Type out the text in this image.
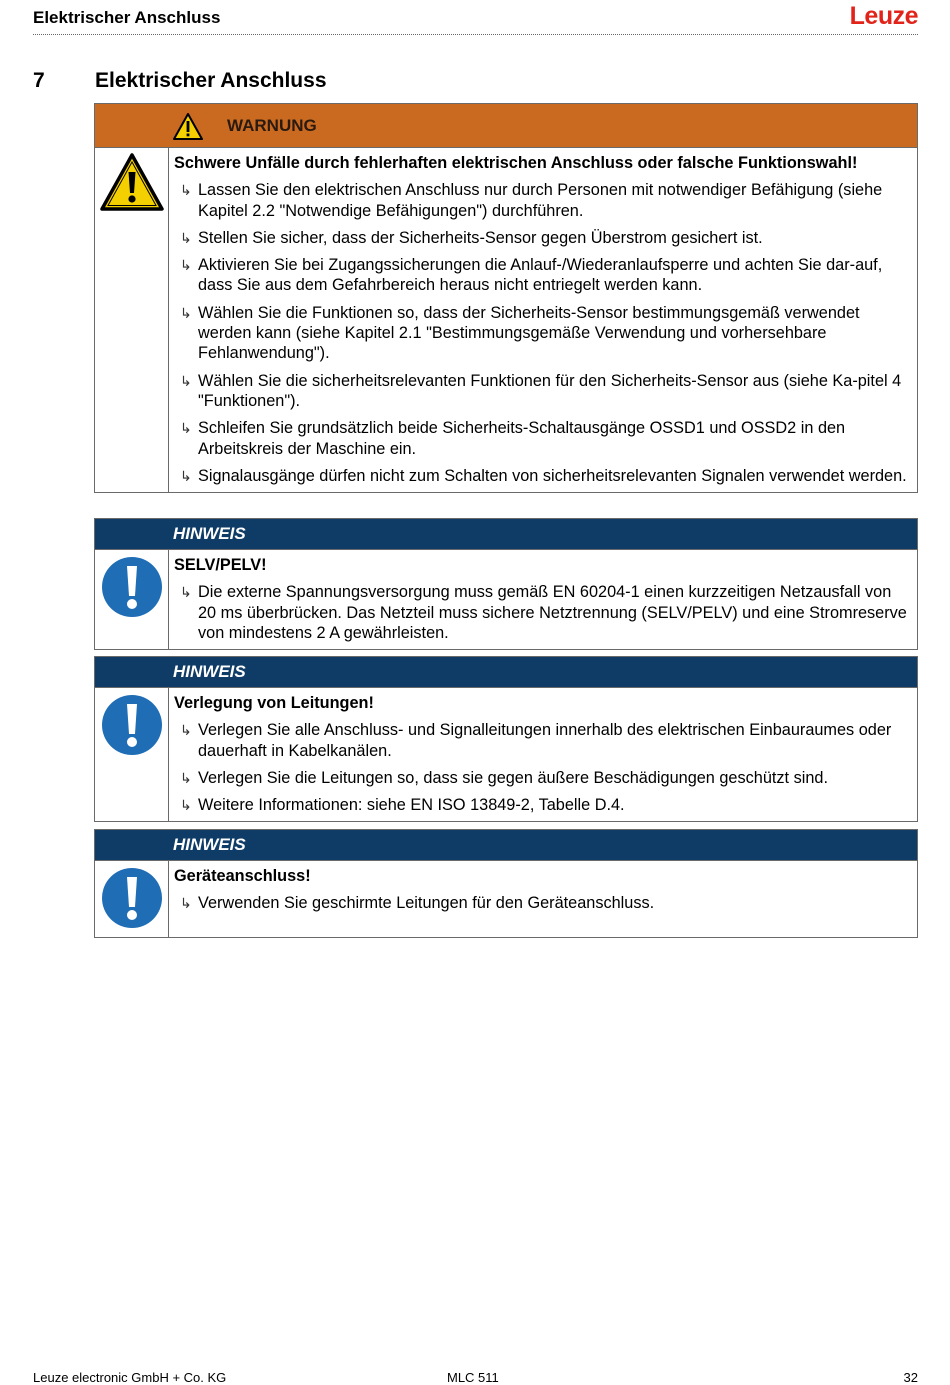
Elektrischer Anschluss	Leuze
7 Elektrischer Anschluss
WARNUNG
Schwere Unfälle durch fehlerhaften elektrischen Anschluss oder falsche Funktionswahl!
↳ Lassen Sie den elektrischen Anschluss nur durch Personen mit notwendiger Befähigung (siehe Kapitel 2.2 "Notwendige Befähigungen") durchführen.
↳ Stellen Sie sicher, dass der Sicherheits-Sensor gegen Überstrom gesichert ist.
↳ Aktivieren Sie bei Zugangssicherungen die Anlauf-/Wiederanlaufsperre und achten Sie dar-auf, dass Sie aus dem Gefahrbereich heraus nicht entriegelt werden kann.
↳ Wählen Sie die Funktionen so, dass der Sicherheits-Sensor bestimmungsgemäß verwendet werden kann (siehe Kapitel 2.1 "Bestimmungsgemäße Verwendung und vorhersehbare Fehlanwendung").
↳ Wählen Sie die sicherheitsrelevanten Funktionen für den Sicherheits-Sensor aus (siehe Ka-pitel 4 "Funktionen").
↳ Schleifen Sie grundsätzlich beide Sicherheits-Schaltausgänge OSSD1 und OSSD2 in den Arbeitskreis der Maschine ein.
↳ Signalausgänge dürfen nicht zum Schalten von sicherheitsrelevanten Signalen verwendet werden.
HINWEIS
SELV/PELV!
↳ Die externe Spannungsversorgung muss gemäß EN 60204-1 einen kurzzeitigen Netzausfall von 20 ms überbrücken. Das Netzteil muss sichere Netztrennung (SELV/PELV) und eine Stromreserve von mindestens 2 A gewährleisten.
HINWEIS
Verlegung von Leitungen!
↳ Verlegen Sie alle Anschluss- und Signalleitungen innerhalb des elektrischen Einbauraumes oder dauerhaft in Kabelkanälen.
↳ Verlegen Sie die Leitungen so, dass sie gegen äußere Beschädigungen geschützt sind.
↳ Weitere Informationen: siehe EN ISO 13849-2, Tabelle D.4.
HINWEIS
Geräteanschluss!
↳ Verwenden Sie geschirmte Leitungen für den Geräteanschluss.
Leuze electronic GmbH + Co. KG	MLC 511	32
